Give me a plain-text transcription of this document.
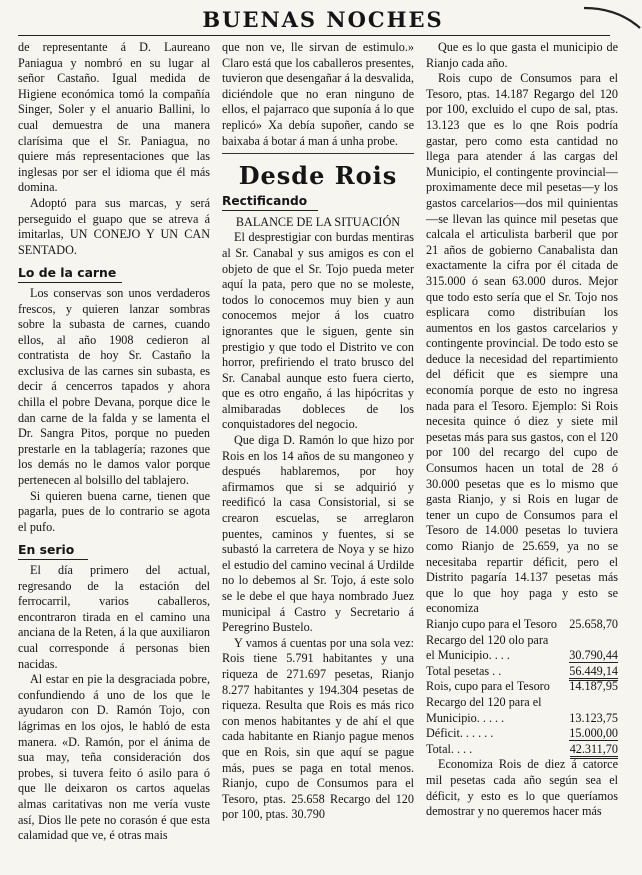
BUENAS NOCHES

de representante á D. Laureano Paniagua y nombró en su lugar al señor Castaño. Igual medida de Higiene económica tomó la compañía Singer, Soler y el anuario Ballini, lo cual demuestra de una manera clarísima que el Sr. Paniagua, no quiere más representaciones que las inglesas por ser el idioma que él más domina.

Adoptó para sus marcas, y será perseguido el guapo que se atreva á imitarlas, UN CONEJO Y UN CAN SENTADO.

Lo de la carne

Los conservas son unos verdaderos frescos, y quieren lanzar sombras sobre la subasta de carnes, cuando ellos, al año 1908 cedieron al contratista de hoy Sr. Castaño la exclusiva de las carnes sin subasta, es decir á cencerros tapados y ahora chilla el pobre Devana, porque dice le dan carne de la falda y se lamenta el Dr. Sangra Pitos, porque no pueden prestarle en la tablagería; razones que los demás no le damos valor porque pertenecen al bolsillo del tablajero.

Si quieren buena carne, tienen que pagarla, pues de lo contrario se agota el pufo.

En serio

El día primero del actual, regresando de la estación del ferrocarril, varios caballeros, encontraron tirada en el camino una anciana de la Reten, á la que auxiliaron cual corresponde á personas bien nacidas.

Al estar en pie la desgraciada pobre, confundiendo á uno de los que le ayudaron con D. Ramón Tojo, con lágrimas en los ojos, le habló de esta manera. «D. Ramón, por el ánima de sua may, teña consideración dos probes, si tuvera feito ó asilo para ó que lle deixaron os cartos aquelas almas caritativas non me vería vuste así, Dios lle pete no corasón é que esta calamidad que ve, é otras mais

que non ve, lle sirvan de estimulo.» Claro está que los caballeros presentes, tuvieron que desengañar á la desvalida, diciéndole que no eran ninguno de ellos, el pajarraco que suponía á lo que replicó» Xa debía supoñer, cando se baixaba á botar á man á unha probe.

Desde Rois
Rectificando

BALANCE DE LA SITUACIÓN

El desprestigiar con burdas mentiras al Sr. Canabal y sus amigos es con el objeto de que el Sr. Tojo pueda meter aquí la pata, pero que no se moleste, todos lo conocemos muy bien y aun conocemos mejor á los cuatro ignorantes que le siguen, gente sin prestigio y que todo el Distrito ve con horror, prefiriendo el trato brusco del Sr. Canabal aunque esto fuera cierto, que es otro engaño, á las hipócritas y almibaradas dobleces de los conquistadores del negocio.

Que diga D. Ramón lo que hizo por Rois en los 14 años de su mangoneo y después hablaremos, por hoy afirmamos que si se adquirió y reedificó la casa Consistorial, si se crearon escuelas, se arreglaron puentes, caminos y fuentes, si se subastó la carretera de Noya y se hizo el estudio del camino vecinal á Urdilde no lo debemos al Sr. Tojo, á este solo se le debe el que haya nombrado Juez municipal á Castro y Secretario á Peregrino Bustelo.

Y vamos á cuentas por una sola vez: Rois tiene 5.791 habitantes y una riqueza de 271.697 pesetas, Rianjo 8.277 habitantes y 194.304 pesetas de riqueza. Resulta que Rois es más rico con menos habitantes y de ahí el que cada habitante en Rianjo pague menos que en Rois, sin que aquí se pague más, pues se paga en total menos. Rianjo, cupo de Consumos para el Tesoro, ptas. 25.658 Recargo del 120 por 100, ptas. 30.790

Que es lo que gasta el municipio de Rianjo cada año.

Rois cupo de Consumos para el Tesoro, ptas. 14.187 Regargo del 120 por 100, excluido el cupo de sal, ptas. 13.123 que es lo qne Rois podría gastar, pero como esta cantidad no llega para atender á las cargas del Municipio, el contingente provincial—proximamente dece mil pesetas—y los gastos carcelarios—dos mil quinientas—se llevan las quince mil pesetas que calcala el articulista barberil que por 21 años de gobierno Canabalista dan exactamente la cifra por él citada de 315.000 ó sean 63.000 duros. Mejor que todo esto sería que el Sr. Tojo nos esplicara como distribuían los aumentos en los gastos carcelarios y contingente provincial. De todo esto se deduce la necesidad del repartimiento del déficit que es siempre una economía porque de esto no ingresa nada para el Tesoro. Ejemplo: Si Rois necesita quince ó diez y siete mil pesetas más para sus gastos, con el 120 por 100 del recargo del cupo de Consumos hacen un total de 28 ó 30.000 pesetas que es lo mismo que gasta Rianjo, y si Rois en lugar de tener un cupo de Consumos para el Tesoro de 14.000 pesetas lo tuviera como Rianjo de 25.659, ya no se necesitaba repartir déficit, pero el Distrito pagaría 14.137 pesetas más que lo que hoy paga y esto se economiza

Rianjo cupo para el Tesoro	25.658,70
Recargo del 120 olo para	
el Municipio. . . .	30.790,44
Total pesetas . .	56.449,14
Rois, cupo para el Tesoro	14.187,95
Recargo del 120 para el	
Municipio. . . . .	13.123,75
Déficit. . . . . .	15.000,00
Total. . . .	42.311,70

Economiza Rois de diez á catorce mil pesetas cada año según sea el déficit, y esto es lo que queríamos demostrar y no queremos hacer más
